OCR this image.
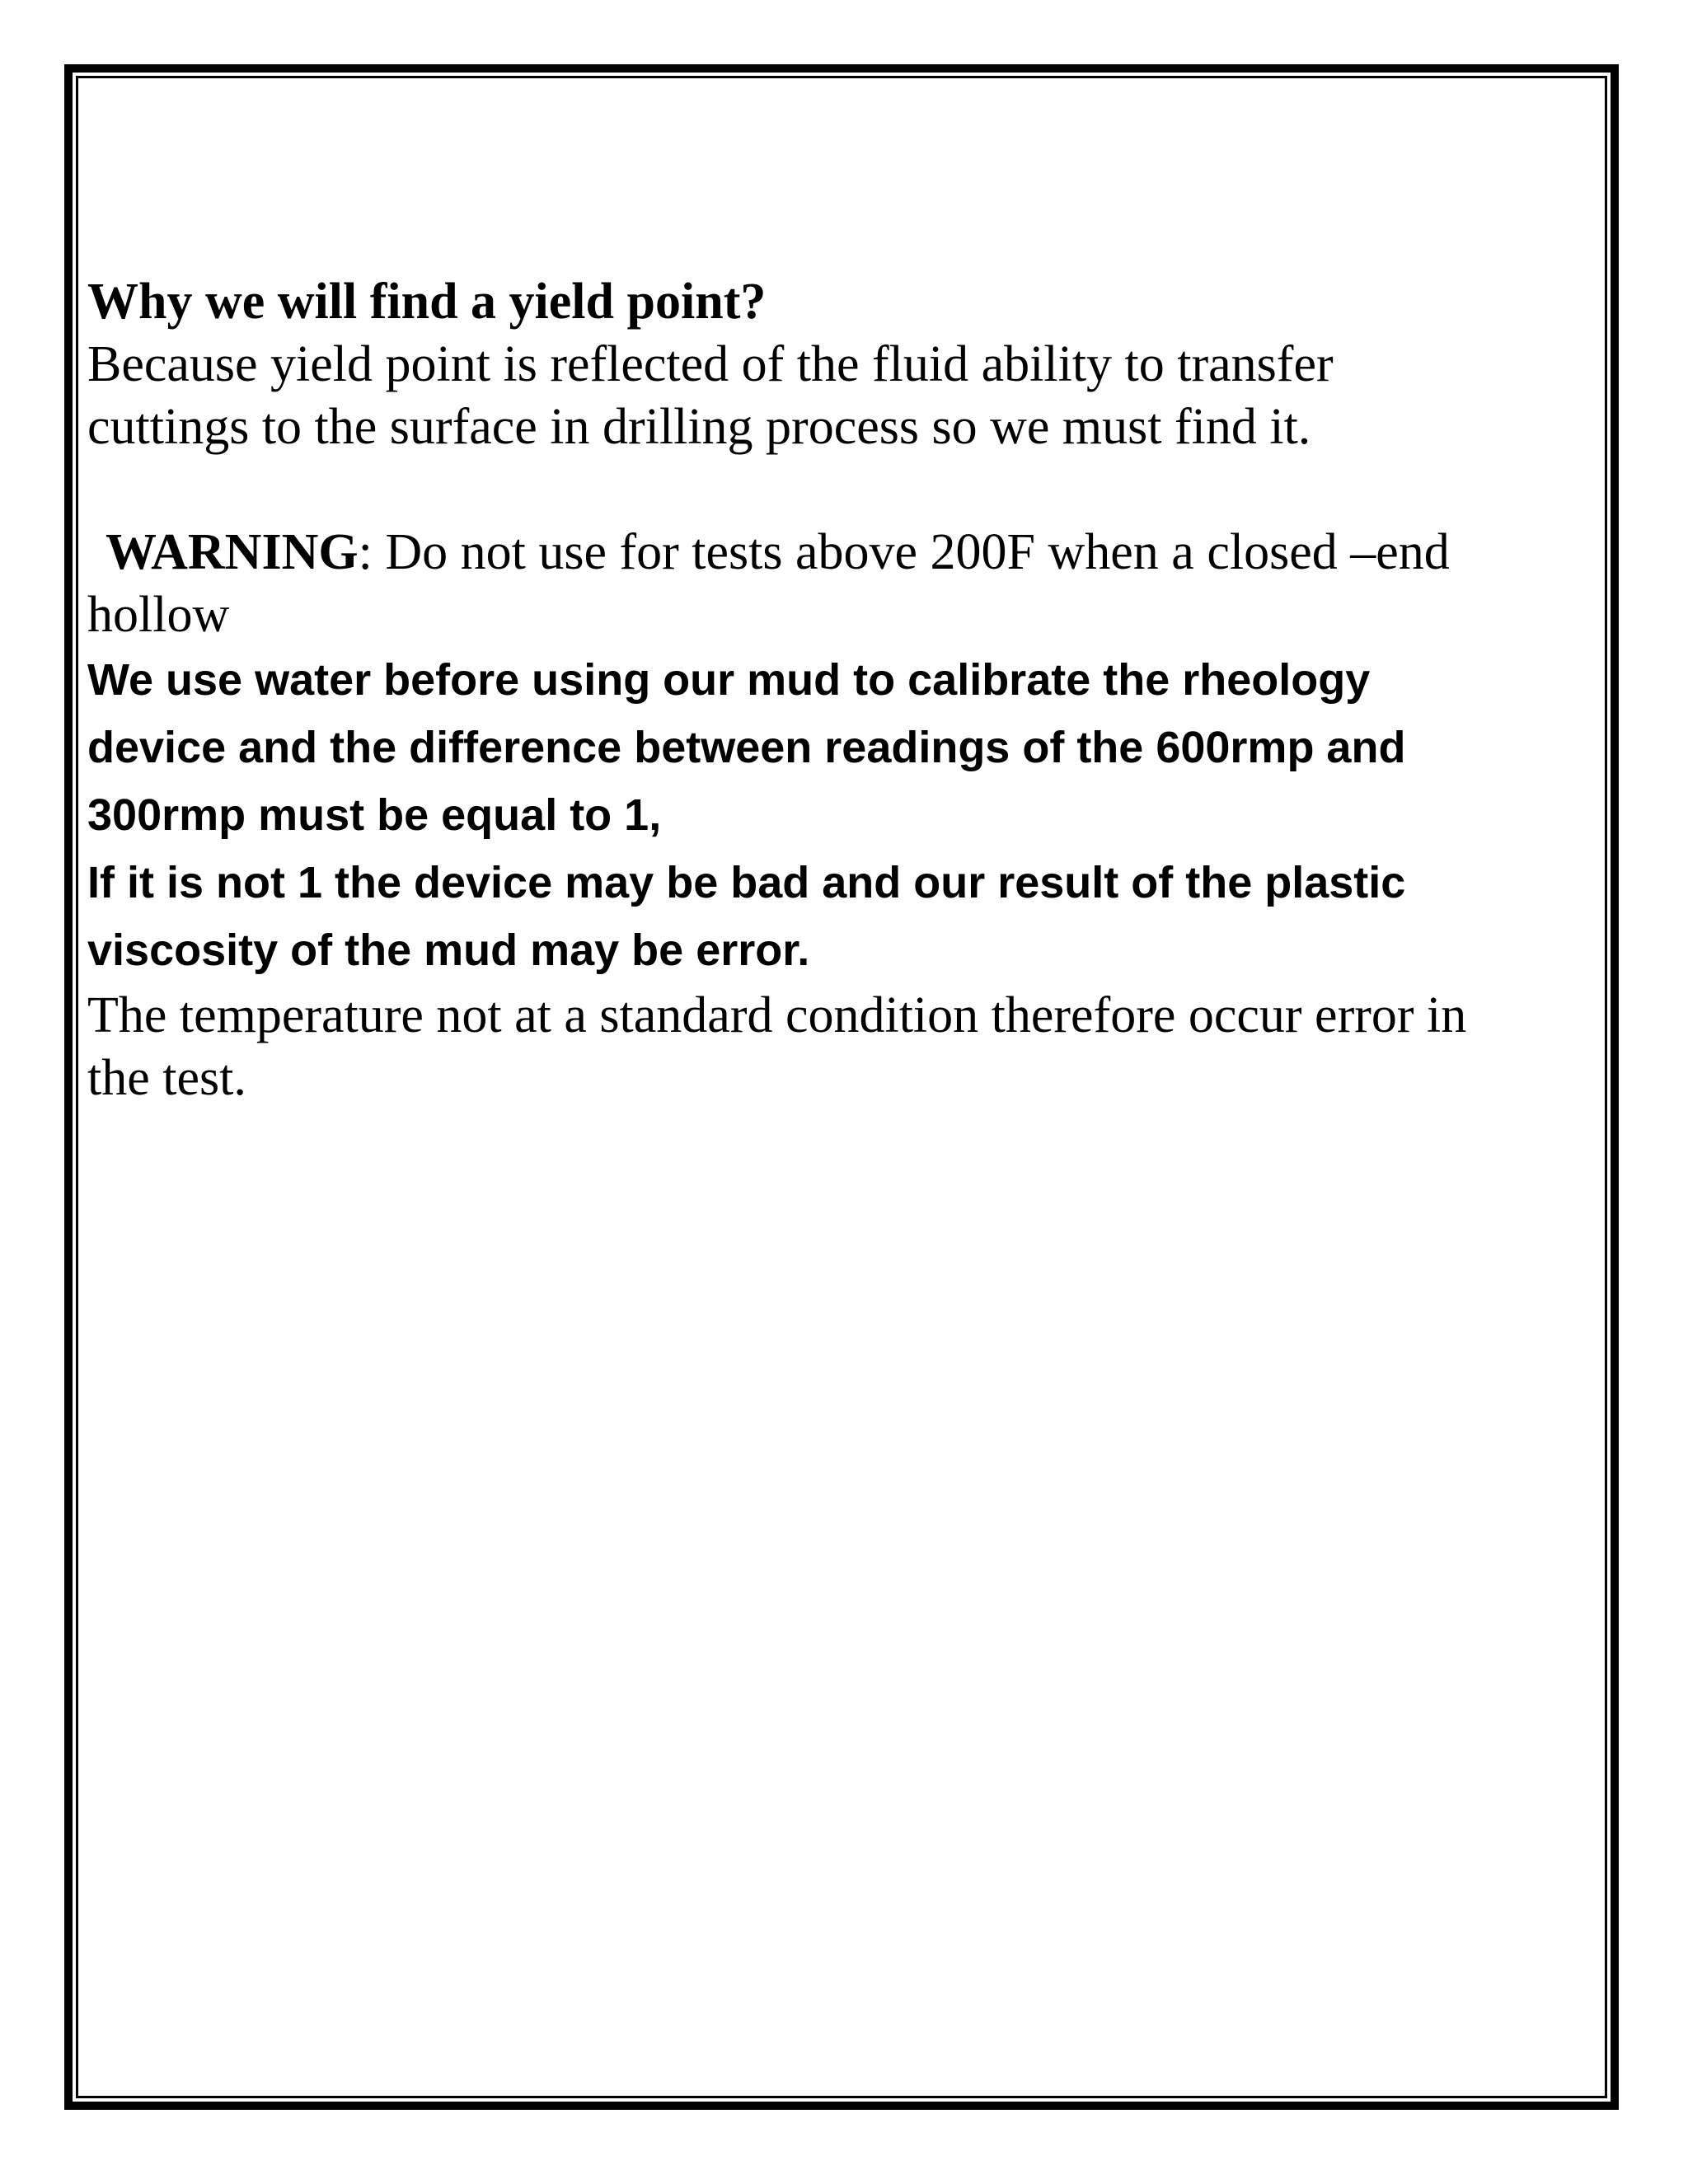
Why we will find a yield point?

Because yield point is reflected of the fluid ability to transfer

cuttings to the surface in drilling process so we must find it.

WARNING: Do not use for tests above 200F when a closed –end

hollow

We use water before using our mud to calibrate the rheology

device and the difference between readings of the 600rmp and

300rmp must be equal to 1,

If it is not 1 the device may be bad and our result of the plastic

viscosity of the mud may be error.

The temperature not at a standard condition therefore occur error in

the test.
